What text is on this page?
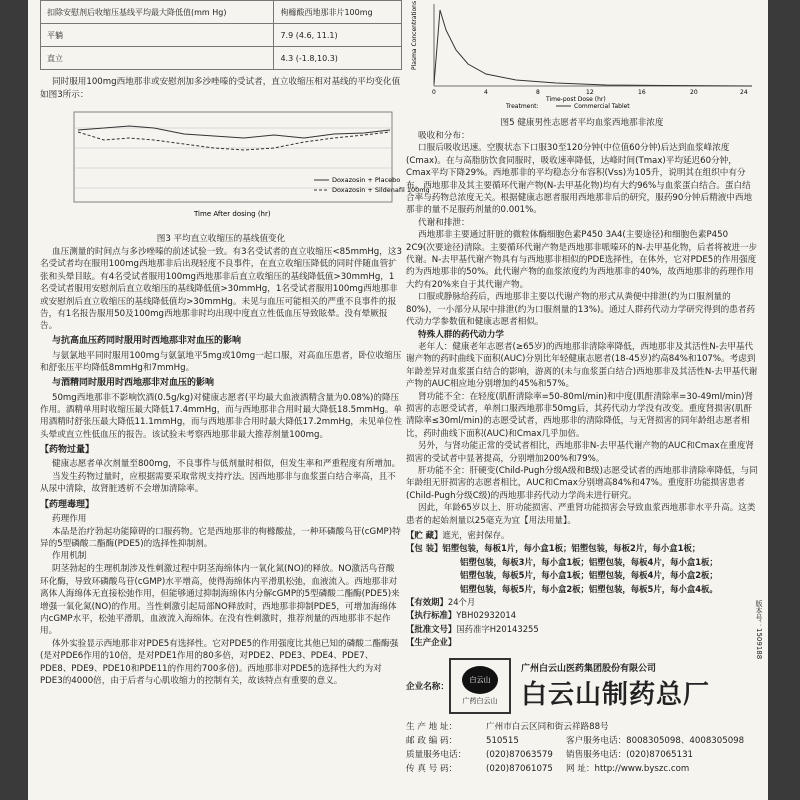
扣除安慰剂后收缩压基线平均最大降低值(mm Hg)	枸橼酸西地那非片100mg
平躺	7.9 (4.6, 11.1)
直立	4.3 (-1.8,10.3)

同时服用100mg西地那非或安慰剂加多沙唑嗪的受试者，直立收缩压相对基线的平均变化值如图3所示：

Doxazosin + Placebo
Doxazosin + Sildenafil 100mg
Time After dosing (hr)

图3 平均直立收缩压的基线值变化

血压测量的时间点与多沙唑嗪的前述试验一致。有3名受试者的直立收缩压<85mmHg，这3名受试者均在服用100mg西地那非后出现轻度不良事件，在直立收缩压降低的同时伴随血管扩张和头晕目眩。有4名受试者服用100mg西地那非后直立收缩压的基线降低值>30mmHg，1名受试者服用安慰剂后直立收缩压的基线降低值>30mmHg，1名受试者服用100mg西地那非或安慰剂后直立收缩压的基线降低值均>30mmHg。未见与血压可能相关的严重不良事件的报告，有1名报告服用50及100mg西地那非时均出现中度直立性低血压导致眩晕。没有晕厥报告。

与抗高血压药同时服用时西地那非对血压的影响

与氨氯地平同时服用100mg与氨氯地平5mg或10mg一起口服，对高血压患者，卧位收缩压和舒张压平均降低8mmHg和7mmHg。

与酒精同时服用时西地那非对血压的影响

50mg西地那非不影响饮酒(0.5g/kg)对健康志愿者(平均最大血液酒精含量为0.08%)的降压作用。酒精单用时收缩压最大降低17.4mmHg，而与西地那非合用时最大降低18.5mmHg。单用酒精时舒张压最大降低11.1mmHg，而与西地那非合用时最大降低17.2mmHg，未见单位性头晕或直立性低血压的报告。该试验未考察西地那非最大推荐剂量100mg。

【药物过量】

健康志愿者单次剂量至800mg，不良事件与低剂量时相似，但发生率和严重程度有所增加。

当发生药物过量时，应根据需要采取常规支持疗法。因西地那非与血浆蛋白结合率高，且不从尿中清除，故肾脏透析不会增加清除率。

【药理毒理】

药理作用

本品是治疗勃起功能障碍的口服药物。它是西地那非的枸橼酸盐，一种环磷酸鸟苷(cGMP)特异的5型磷酸二酯酶(PDE5)的选择性抑制剂。

作用机制

阴茎勃起的生理机制涉及性刺激过程中阴茎海绵体内一氧化氮(NO)的释放。NO激活鸟苷酸环化酶，导致环磷酸鸟苷(cGMP)水平增高，使得海绵体内平滑肌松弛，血液流入。西地那非对离体人海绵体无直接松弛作用，但能够通过抑制海绵体内分解cGMP的5型磷酸二酯酶(PDE5)来增强一氧化氮(NO)的作用。当性刺激引起局部NO释放时，西地那非抑制PDE5，可增加海绵体内cGMP水平，松弛平滑肌，血液流入海绵体。在没有性刺激时，推荐剂量的西地那非不起作用。

体外实验显示西地那非对PDE5有选择性。它对PDE5的作用强度比其他已知的磷酸二酯酶强(是对PDE6作用的10倍，是对PDE1作用的80多倍，对PDE2、PDE3、PDE4、PDE7、PDE8、PDE9、PDE10和PDE11的作用约700多倍)。西地那非对PDE5的选择性大约为对PDE3的4000倍，由于后者与心肌收缩力的控制有关，故该特点有重要的意义。

Plasma Concentrations
0	4	8	12	16	20	24
Time-post Dose (hr)
Treatment:	Commercial Tablet

图5 健康男性志愿者平均血浆西地那非浓度

吸收和分布：

口服后吸收迅速。空腹状态下口服30至120分钟(中位值60分钟)后达到血浆峰浓度(Cmax)。在与高脂肪饮食同服时，吸收速率降低，达峰时间(Tmax)平均延迟60分钟，Cmax平均下降29%。西地那非的平均稳态分布容积(Vss)为105升，说明其在组织中有分布。西地那非及其主要循环代谢产物(N-去甲基化物)均有大约96%与血浆蛋白结合。蛋白结合率与药物总浓度无关。根据健康志愿者服用西地那非后的研究，服药90分钟后精液中西地那非的量不足服药剂量的0.001%。

代谢和排泄：

西地那非主要通过肝脏的微粒体酶细胞色素P450 3A4(主要途径)和细胞色素P450 2C9(次要途径)清除。主要循环代谢产物是西地那非哌嗪环的N-去甲基化物，后者将被进一步代谢。N-去甲基代谢产物具有与西地那非相似的PDE选择性，在体外，它对PDE5的作用强度约为西地那非的50%。此代谢产物的血浆浓度约为西地那非的40%，故西地那非的药理作用大约有20%来自于其代谢产物。

口服或静脉给药后，西地那非主要以代谢产物的形式从粪便中排泄(约为口服剂量的80%)，一小部分从尿中排泄(约为口服剂量的13%)。通过人群药代动力学研究得到的患者药代动力学参数值和健康志愿者相似。

特殊人群的药代动力学

老年人：健康老年志愿者(≥65岁)的西地那非清除率降低，西地那非及其活性N-去甲基代谢产物的药时曲线下面积(AUC)分别比年轻健康志愿者(18-45岁)约高84%和107%。考虑到年龄差异对血浆蛋白结合的影响，游离的(未与血浆蛋白结合)西地那非及其活性N-去甲基代谢产物的AUC相应地分别增加约45%和57%。

肾功能不全：在轻度(肌酐清除率=50-80ml/min)和中度(肌酐清除率=30-49ml/min)肾损害的志愿受试者，单剂口服西地那非50mg后，其药代动力学没有改变。重度肾损害(肌酐清除率≤30ml/min)的志愿受试者，西地那非的清除降低，与无肾损害的同年龄组志愿者相比，药时曲线下面积(AUC)和Cmax几乎加倍。

另外，与肾功能正常的受试者相比，西地那非N-去甲基代谢产物的AUC和Cmax在重度肾损害的受试者中显著提高，分别增加200%和79%。

肝功能不全：肝硬变(Child-Pugh分级A级和B级)志愿受试者的西地那非清除率降低，与同年龄组无肝损害的志愿者相比，AUC和Cmax分别增高84%和47%。重度肝功能损害患者(Child-Pugh分级C级)的西地那非药代动力学尚未进行研究。

因此，年龄65岁以上、肝功能损害、严重肾功能损害会导致血浆西地那非水平升高。这类患者的起始剂量以25毫克为宜【用法用量】。

【贮 藏】遮光，密封保存。

【包 装】铝塑包装，每板1片，每小盒1板；铝塑包装，每板2片，每小盒1板；

铝塑包装，每板3片，每小盒1板；铝塑包装，每板4片，每小盒1板；

铝塑包装，每板5片，每小盒1板；铝塑包装，每板4片，每小盒2板；

铝塑包装，每板5片，每小盒2板；铝塑包装，每板5片，每小盒4板。

【有效期】24个月

【执行标准】YBH02932014

【批准文号】国药准字H20143255

【生产企业】

企业名称：
白云山
广药白云山
广州白云山医药集团股份有限公司
白云山制药总厂
生 产 地 址：	广州市白云区同和街云祥路88号
邮 政 编 码：	510515	客户服务电话：8008305098、4008305098
质量服务电话：	(020)87063579	销售服务电话：(020)87065131
传 真 号 码：	(020)87061075	网 址：http://www.byszc.com
版本号：1509188
